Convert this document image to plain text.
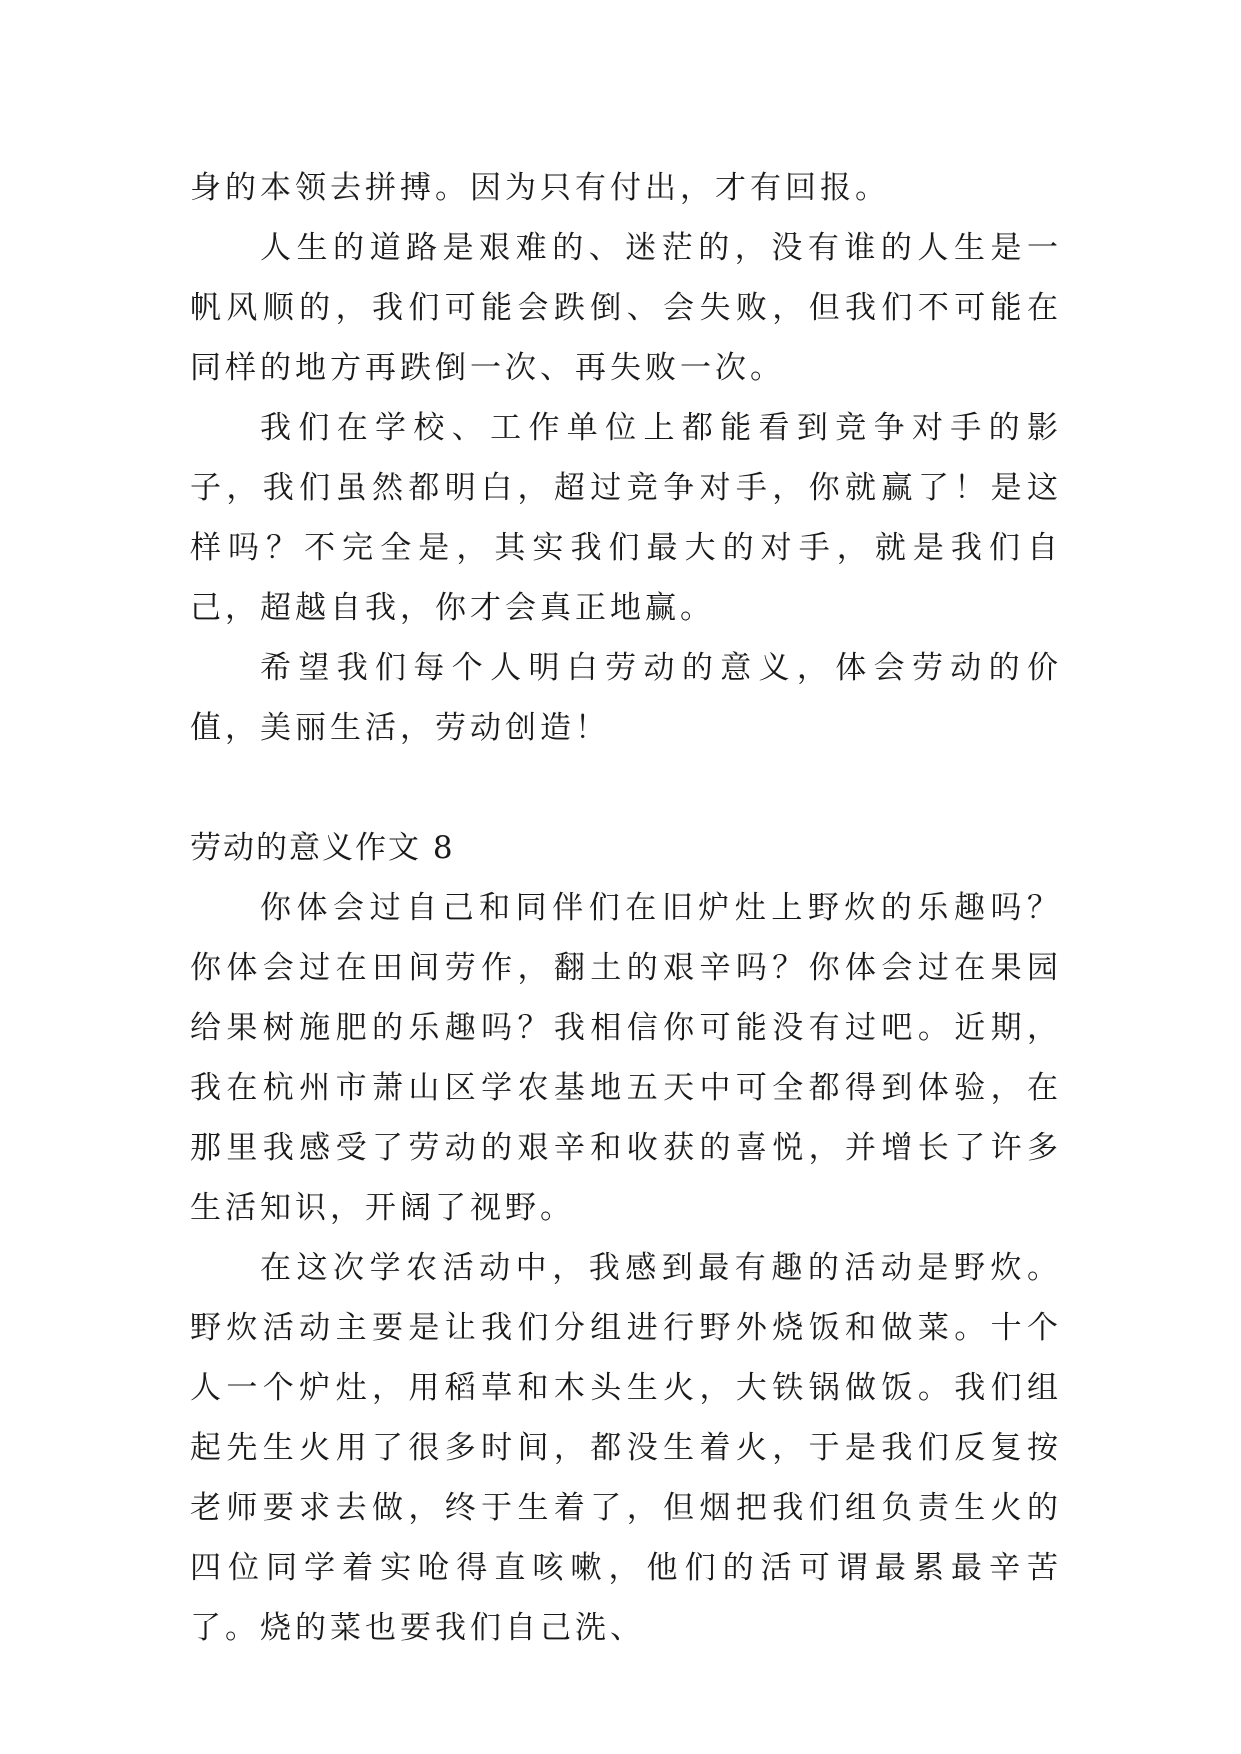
身的本领去拼搏。因为只有付出，才有回报。

人生的道路是艰难的、迷茫的，没有谁的人生是一帆风顺的，我们可能会跌倒、会失败，但我们不可能在同样的地方再跌倒一次、再失败一次。

我们在学校、工作单位上都能看到竞争对手的影子，我们虽然都明白，超过竞争对手，你就赢了！是这样吗？不完全是，其实我们最大的对手，就是我们自己，超越自我，你才会真正地赢。

希望我们每个人明白劳动的意义，体会劳动的价值，美丽生活，劳动创造！

劳动的意义作文 8

你体会过自己和同伴们在旧炉灶上野炊的乐趣吗？你体会过在田间劳作，翻土的艰辛吗？你体会过在果园给果树施肥的乐趣吗？我相信你可能没有过吧。近期，我在杭州市萧山区学农基地五天中可全都得到体验，在那里我感受了劳动的艰辛和收获的喜悦，并增长了许多生活知识，开阔了视野。

在这次学农活动中，我感到最有趣的活动是野炊。野炊活动主要是让我们分组进行野外烧饭和做菜。十个人一个炉灶，用稻草和木头生火，大铁锅做饭。我们组起先生火用了很多时间，都没生着火，于是我们反复按老师要求去做，终于生着了，但烟把我们组负责生火的四位同学着实呛得直咳嗽，他们的活可谓最累最辛苦了。烧的菜也要我们自己洗、
